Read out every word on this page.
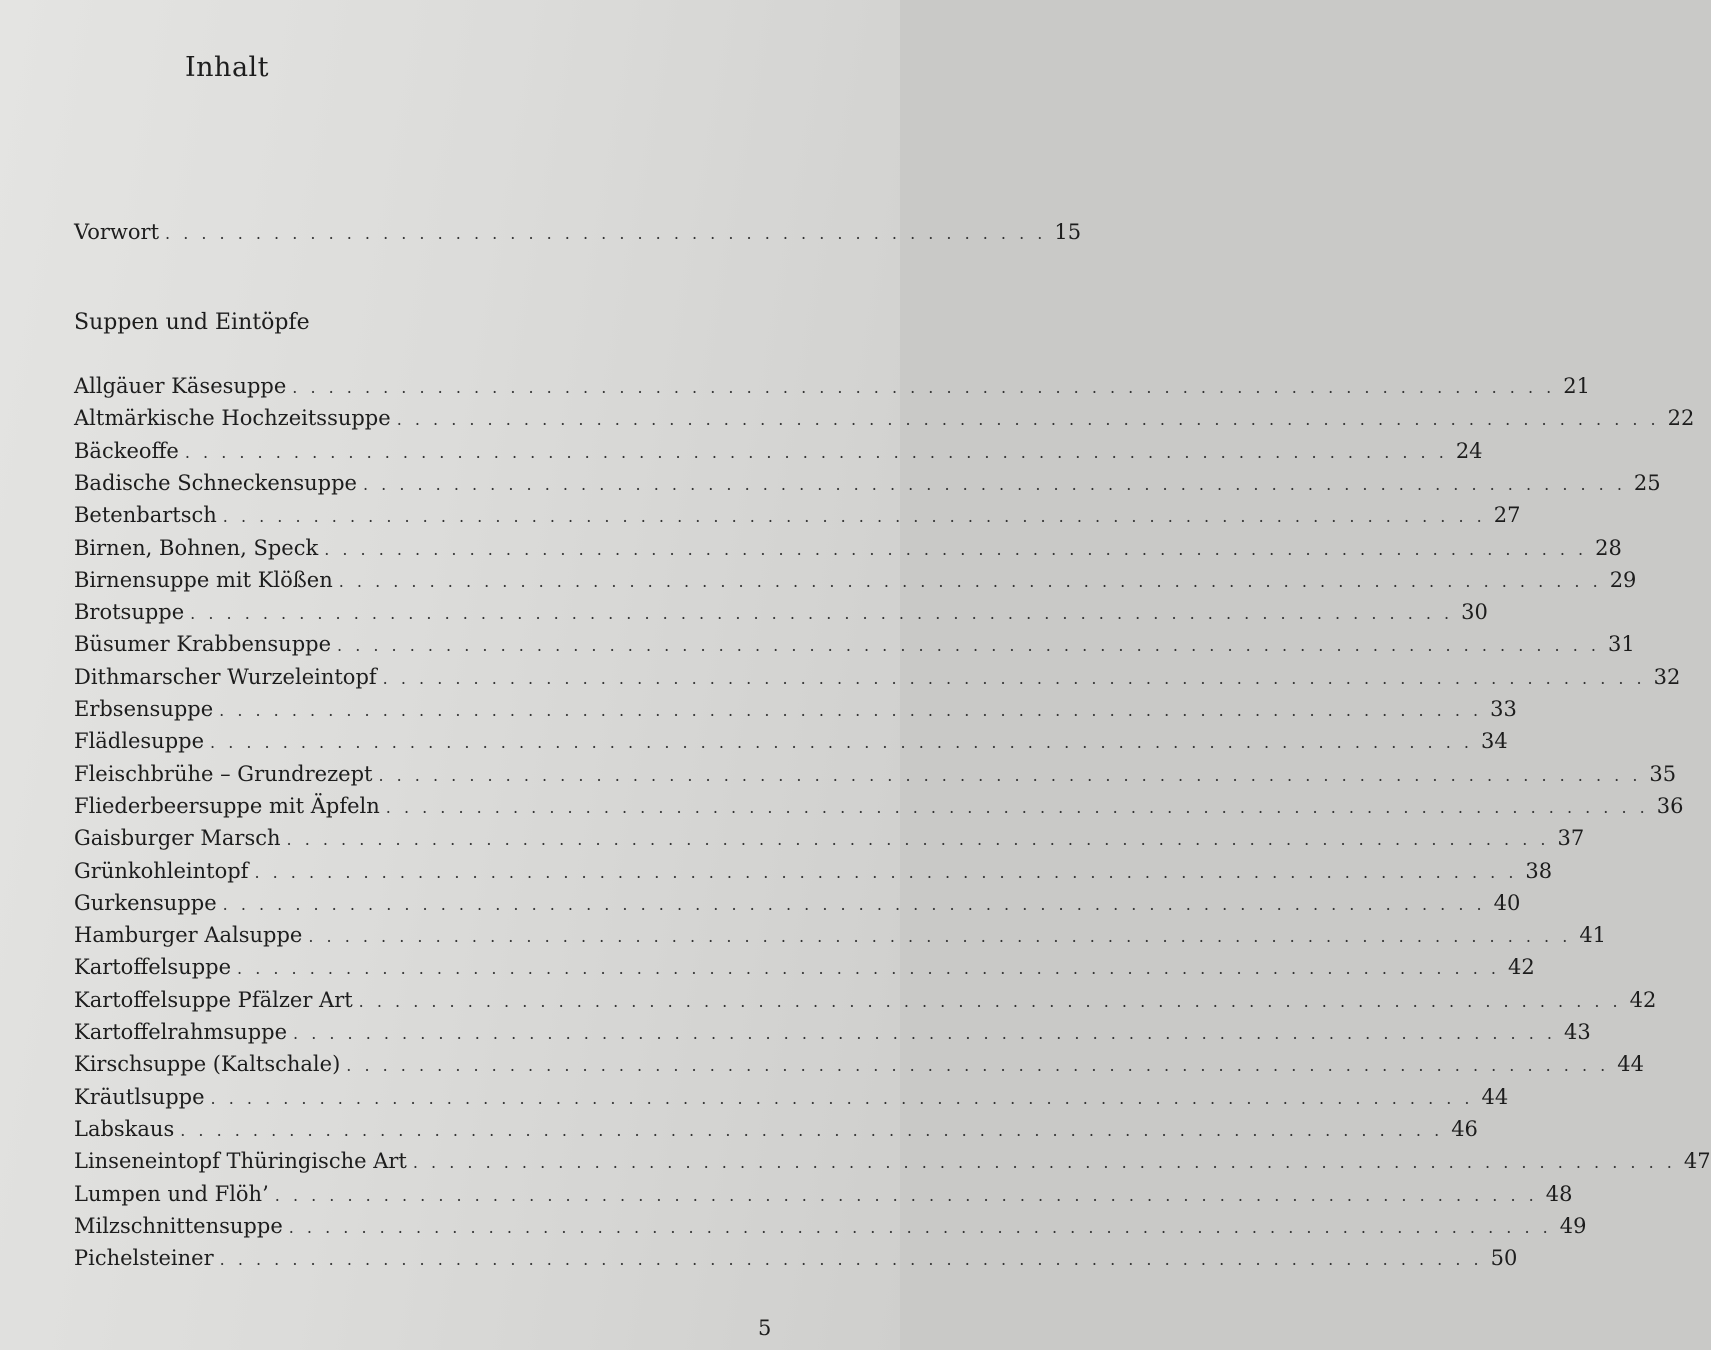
Inhalt
Vorwort . . . . . . . . . . . . . . . . . . . . . . . . . . . . . . . . . . . . . . . . . . . . . . . . . 15
Suppen und Eintöpfe
Allgäuer Käsesuppe . . . . . . . . . . . . . . . . . . . . . . . . . . . . . . . . . . . . . . . . . . . . . . . . . . . . . . . . . . . . . . . . . . . . . . 21
Altmärkische Hochzeitssuppe . . . . . . . . . . . . . . . . . . . . . . . . . . . . . . . . . . . . . . . . . . . . . . . . . . . . . . . . . . . . . . . . . . . . . . 22
Bäckeoffe . . . . . . . . . . . . . . . . . . . . . . . . . . . . . . . . . . . . . . . . . . . . . . . . . . . . . . . . . . . . . . . . . . . . . . 24
Badische Schneckensuppe . . . . . . . . . . . . . . . . . . . . . . . . . . . . . . . . . . . . . . . . . . . . . . . . . . . . . . . . . . . . . . . . . . . . . . 25
Betenbartsch . . . . . . . . . . . . . . . . . . . . . . . . . . . . . . . . . . . . . . . . . . . . . . . . . . . . . . . . . . . . . . . . . . . . . . 27
Birnen, Bohnen, Speck . . . . . . . . . . . . . . . . . . . . . . . . . . . . . . . . . . . . . . . . . . . . . . . . . . . . . . . . . . . . . . . . . . . . . . 28
Birnensuppe mit Klößen . . . . . . . . . . . . . . . . . . . . . . . . . . . . . . . . . . . . . . . . . . . . . . . . . . . . . . . . . . . . . . . . . . . . . . 29
Brotsuppe . . . . . . . . . . . . . . . . . . . . . . . . . . . . . . . . . . . . . . . . . . . . . . . . . . . . . . . . . . . . . . . . . . . . . . 30
Büsumer Krabbensuppe . . . . . . . . . . . . . . . . . . . . . . . . . . . . . . . . . . . . . . . . . . . . . . . . . . . . . . . . . . . . . . . . . . . . . . 31
Dithmarscher Wurzeleintopf . . . . . . . . . . . . . . . . . . . . . . . . . . . . . . . . . . . . . . . . . . . . . . . . . . . . . . . . . . . . . . . . . . . . . . 32
Erbsensuppe . . . . . . . . . . . . . . . . . . . . . . . . . . . . . . . . . . . . . . . . . . . . . . . . . . . . . . . . . . . . . . . . . . . . . . 33
Flädlesuppe . . . . . . . . . . . . . . . . . . . . . . . . . . . . . . . . . . . . . . . . . . . . . . . . . . . . . . . . . . . . . . . . . . . . . . 34
Fleischbrühe – Grundrezept . . . . . . . . . . . . . . . . . . . . . . . . . . . . . . . . . . . . . . . . . . . . . . . . . . . . . . . . . . . . . . . . . . . . . . 35
Fliederbeersuppe mit Äpfeln . . . . . . . . . . . . . . . . . . . . . . . . . . . . . . . . . . . . . . . . . . . . . . . . . . . . . . . . . . . . . . . . . . . . . . 36
Gaisburger Marsch . . . . . . . . . . . . . . . . . . . . . . . . . . . . . . . . . . . . . . . . . . . . . . . . . . . . . . . . . . . . . . . . . . . . . . 37
Grünkohleintopf . . . . . . . . . . . . . . . . . . . . . . . . . . . . . . . . . . . . . . . . . . . . . . . . . . . . . . . . . . . . . . . . . . . . . . 38
Gurkensuppe . . . . . . . . . . . . . . . . . . . . . . . . . . . . . . . . . . . . . . . . . . . . . . . . . . . . . . . . . . . . . . . . . . . . . . 40
Hamburger Aalsuppe . . . . . . . . . . . . . . . . . . . . . . . . . . . . . . . . . . . . . . . . . . . . . . . . . . . . . . . . . . . . . . . . . . . . . . 41
Kartoffelsuppe . . . . . . . . . . . . . . . . . . . . . . . . . . . . . . . . . . . . . . . . . . . . . . . . . . . . . . . . . . . . . . . . . . . . . . 42
Kartoffelsuppe Pfälzer Art . . . . . . . . . . . . . . . . . . . . . . . . . . . . . . . . . . . . . . . . . . . . . . . . . . . . . . . . . . . . . . . . . . . . . . 42
Kartoffelrahmsuppe . . . . . . . . . . . . . . . . . . . . . . . . . . . . . . . . . . . . . . . . . . . . . . . . . . . . . . . . . . . . . . . . . . . . . . 43
Kirschsuppe (Kaltschale) . . . . . . . . . . . . . . . . . . . . . . . . . . . . . . . . . . . . . . . . . . . . . . . . . . . . . . . . . . . . . . . . . . . . . . 44
Kräutlsuppe . . . . . . . . . . . . . . . . . . . . . . . . . . . . . . . . . . . . . . . . . . . . . . . . . . . . . . . . . . . . . . . . . . . . . . 44
Labskaus . . . . . . . . . . . . . . . . . . . . . . . . . . . . . . . . . . . . . . . . . . . . . . . . . . . . . . . . . . . . . . . . . . . . . . 46
Linseneintopf Thüringische Art . . . . . . . . . . . . . . . . . . . . . . . . . . . . . . . . . . . . . . . . . . . . . . . . . . . . . . . . . . . . . . . . . . . . . . 47
Lumpen und Flöh’ . . . . . . . . . . . . . . . . . . . . . . . . . . . . . . . . . . . . . . . . . . . . . . . . . . . . . . . . . . . . . . . . . . . . . . 48
Milzschnittensuppe . . . . . . . . . . . . . . . . . . . . . . . . . . . . . . . . . . . . . . . . . . . . . . . . . . . . . . . . . . . . . . . . . . . . . . 49
Pichelsteiner . . . . . . . . . . . . . . . . . . . . . . . . . . . . . . . . . . . . . . . . . . . . . . . . . . . . . . . . . . . . . . . . . . . . . . 50
5
